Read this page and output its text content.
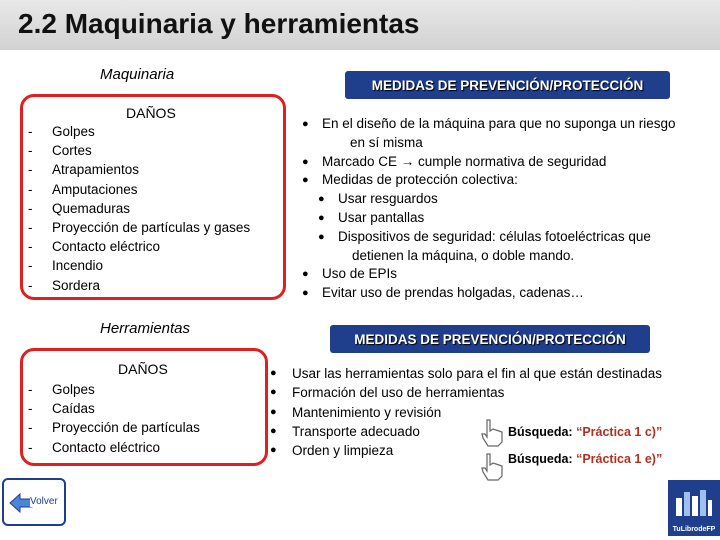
2.2 Maquinaria y herramientas
Maquinaria
MEDIDAS DE PREVENCIÓN/PROTECCIÓN
DAÑOS
- Golpes
- Cortes
- Atrapamientos
- Amputaciones
- Quemaduras
- Proyección de partículas y gases
- Contacto eléctrico
- Incendio
- Sordera
● En el diseño de la máquina para que no suponga un riesgo
en sí misma
● Marcado CE → cumple normativa de seguridad
● Medidas de protección colectiva:
● Usar resguardos
● Usar pantallas
● Dispositivos de seguridad: células fotoeléctricas que
detienen la máquina, o doble mando.
● Uso de EPIs
● Evitar uso de prendas holgadas, cadenas…
Herramientas
MEDIDAS DE PREVENCIÓN/PROTECCIÓN
DAÑOS
- Golpes
- Caídas
- Proyección de partículas
- Contacto eléctrico
● Usar las herramientas solo para el fin al que están destinadas
● Formación del uso de herramientas
● Mantenimiento y revisión
● Transporte adecuado
● Orden y limpieza
Búsqueda: “Práctica 1 c)”
Búsqueda: “Práctica 1 e)”
Volver
TuLibrodeFP
